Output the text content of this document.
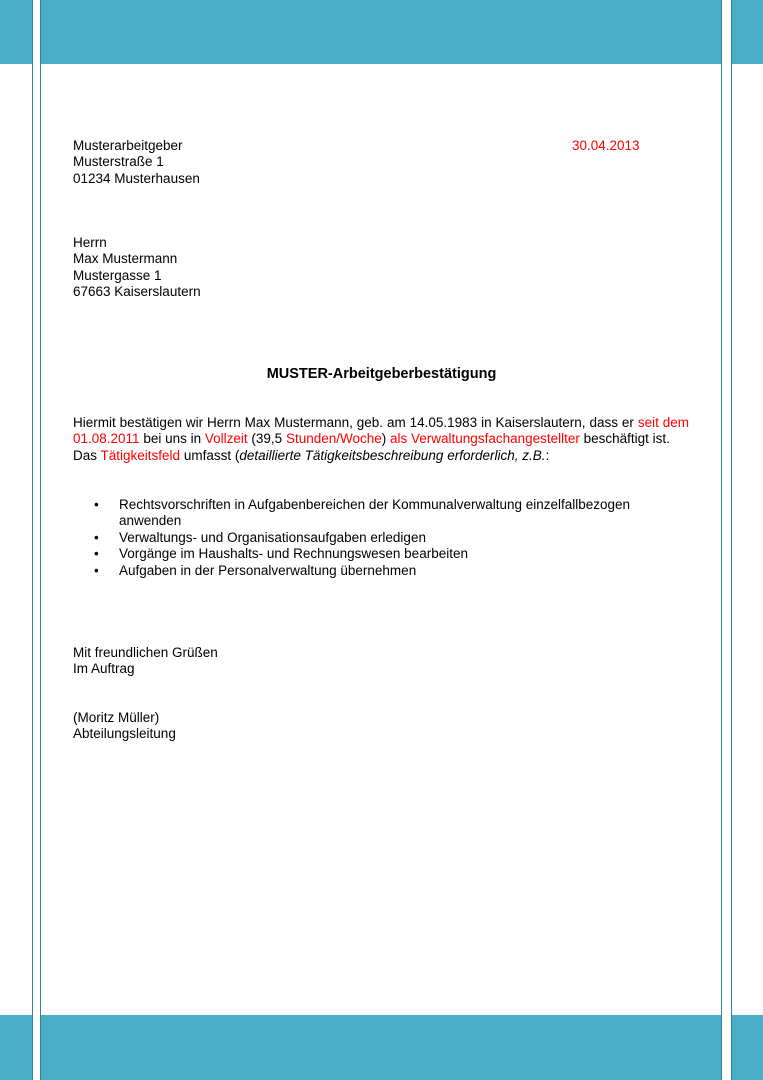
Musterarbeitgeber
Musterstraße 1
01234 Musterhausen
30.04.2013
Herrn
Max Mustermann
Mustergasse 1
67663 Kaiserslautern
MUSTER-Arbeitgeberbestätigung
Hiermit bestätigen wir Herrn Max Mustermann, geb. am 14.05.1983 in Kaiserslautern, dass er seit dem 01.08.2011 bei uns in Vollzeit (39,5 Stunden/Woche) als Verwaltungsfachangestellter beschäftigt ist.
Das Tätigkeitsfeld umfasst (detaillierte Tätigkeitsbeschreibung erforderlich, z.B.:
• Rechtsvorschriften in Aufgabenbereichen der Kommunalverwaltung einzelfallbezogen anwenden
• Verwaltungs- und Organisationsaufgaben erledigen
• Vorgänge im Haushalts- und Rechnungswesen bearbeiten
• Aufgaben in der Personalverwaltung übernehmen
Mit freundlichen Grüßen
Im Auftrag
(Moritz Müller)
Abteilungsleitung
